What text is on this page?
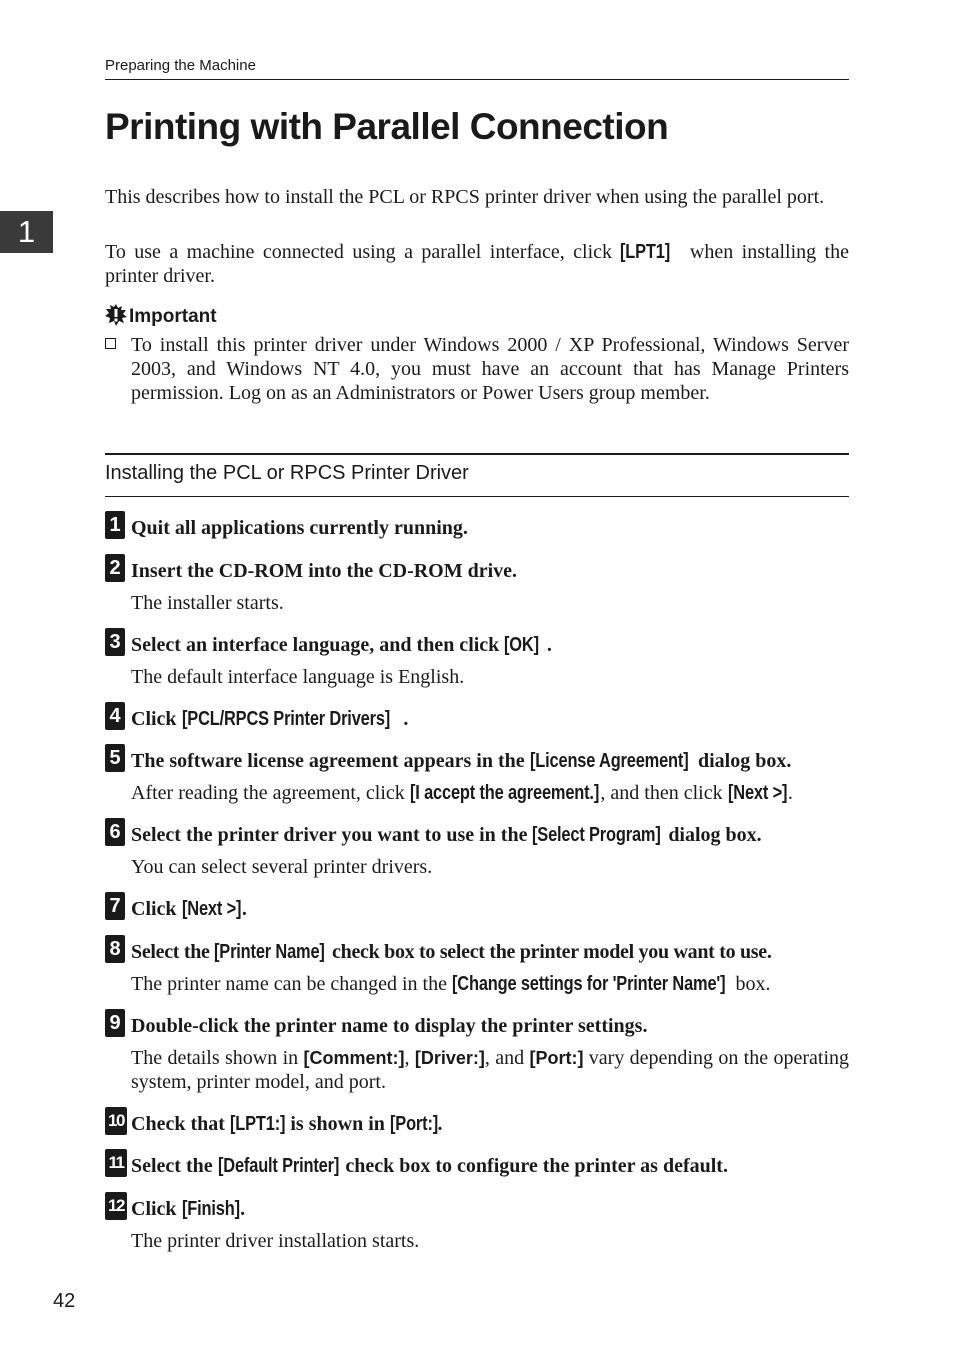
Preparing the Machine
Printing with Parallel Connection
1
This describes how to install the PCL or RPCS printer driver when using the parallel port.
To use a machine connected using a parallel interface, click [LPT1] when installing the printer driver.
Important
To install this printer driver under Windows 2000 / XP Professional, Windows Server 2003, and Windows NT 4.0, you must have an account that has Manage Printers permission. Log on as an Administrators or Power Users group member.
Installing the PCL or RPCS Printer Driver
1 Quit all applications currently running.
2 Insert the CD-ROM into the CD-ROM drive.
The installer starts.
3 Select an interface language, and then click [OK] .
The default interface language is English.
4 Click [PCL/RPCS Printer Drivers] .
5 The software license agreement appears in the [License Agreement] dialog box.
After reading the agreement, click [I accept the agreement.], and then click [Next >].
6 Select the printer driver you want to use in the [Select Program] dialog box.
You can select several printer drivers.
7 Click [Next >].
8 Select the [Printer Name] check box to select the printer model you want to use.
The printer name can be changed in the [Change settings for 'Printer Name'] box.
9 Double-click the printer name to display the printer settings.
The details shown in [Comment:], [Driver:], and [Port:] vary depending on the operating system, printer model, and port.
10 Check that [LPT1:] is shown in [Port:].
11 Select the [Default Printer] check box to configure the printer as default.
12 Click [Finish].
The printer driver installation starts.
42
